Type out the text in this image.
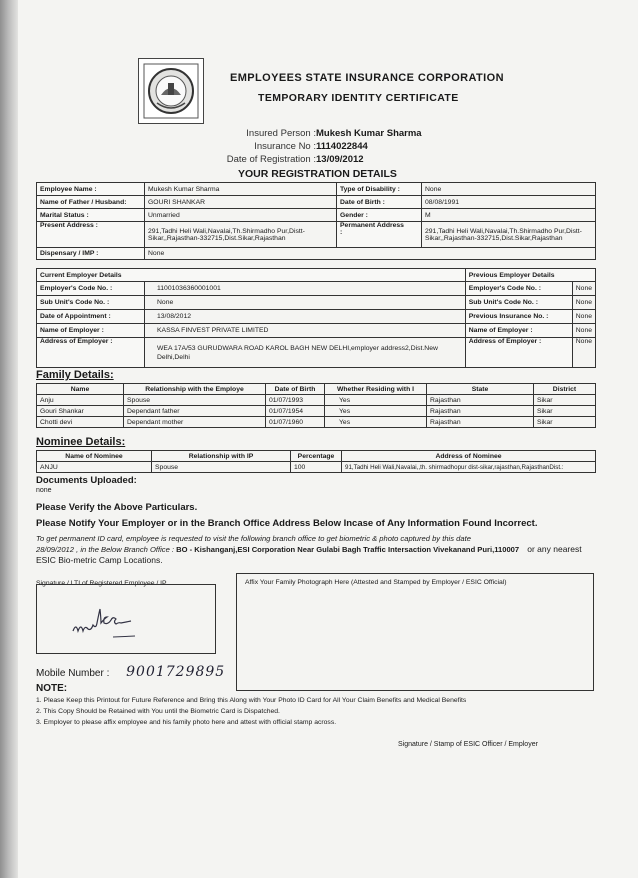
EMPLOYEES STATE INSURANCE CORPORATION
TEMPORARY IDENTITY CERTIFICATE
Insured Person :Mukesh Kumar Sharma
Insurance No :1114022844
Date of Registration :13/09/2012
YOUR REGISTRATION DETAILS
Employee Name :	Mukesh Kumar Sharma	Type of Disability :	None
Name of Father / Husband:	GOURI SHANKAR	Date of Birth :	08/08/1991
Marital Status :	Unmarried	Gender :	M
Present Address :	291,Tadhi Heli Wali,Navalai,Th.Shirmadho Pur,Distt-Sikar,,Rajasthan-332715,Dist.Sikar,Rajasthan	Permanent Address
:	291,Tadhi Heli Wali,Navalai,Th.Shirmadho Pur,Distt-Sikar,,Rajasthan-332715,Dist.Sikar,Rajasthan
Dispensary / IMP :	None		
Current Employer Details		Previous Employer Details	
Employer's Code No. :	11001036360001001	Employer's Code No. :	None
Sub Unit's Code No. :	None	Sub Unit's Code No. :	None
Date of Appointment :	13/08/2012	Previous Insurance No. :	None
Name of Employer :	KASSA FINVEST PRIVATE LIMITED	Name of Employer :	None
Address of Employer :	WEA 17A/53 GURUDWARA ROAD KAROL BAGH NEW DELHI,employer address2,Dist.New Delhi,Delhi	Address of Employer :	None
Family Details:
Name	Relationship with the Employe	Date of Birth	Whether Residing with I	State	District
Anju	Spouse	01/07/1993	Yes	Rajasthan	Sikar
Gouri Shankar	Dependant father	01/07/1954	Yes	Rajasthan	Sikar
Chotti devi	Dependant mother	01/07/1960	Yes	Rajasthan	Sikar
Nominee Details:
Name of Nominee	Relationship with IP	Percentage	Address of Nominee
ANJU	Spouse	100	91,Tadhi Heli Wali,Navalai,,th. shirmadhopur dist-sikar,rajasthan,RajasthanDist.:
Documents Uploaded:
none
Please Verify the Above Particulars.
Please Notify Your Employer or in the Branch Office Address Below Incase of Any Information Found Incorrect.
To get permanent ID card, employee is requested to visit the following branch office to get biometric & photo captured by this date
28/09/2012 , in the Below Branch Office : BO - Kishanganj,ESI Corporation Near Gulabi Bagh Traffic Intersaction Vivekanand Puri,110007 or any nearest ESIC Bio-metric Camp Locations.
Signature / LTI of Registered Employee / IP	Affix Your Family Photograph Here (Attested and Stamped by Employer / ESIC Official)
Mobile Number : 9001729895
NOTE:
1. Please Keep this Printout for Future Reference and Bring this Along with Your Photo ID Card for All Your Claim Benefits and Medical Benefits
2. This Copy Should be Retained with You until the Biometric Card is Dispatched.
3. Employer to please affix employee and his family photo here and attest with official stamp across.
Signature / Stamp of ESIC Officer / Employer
